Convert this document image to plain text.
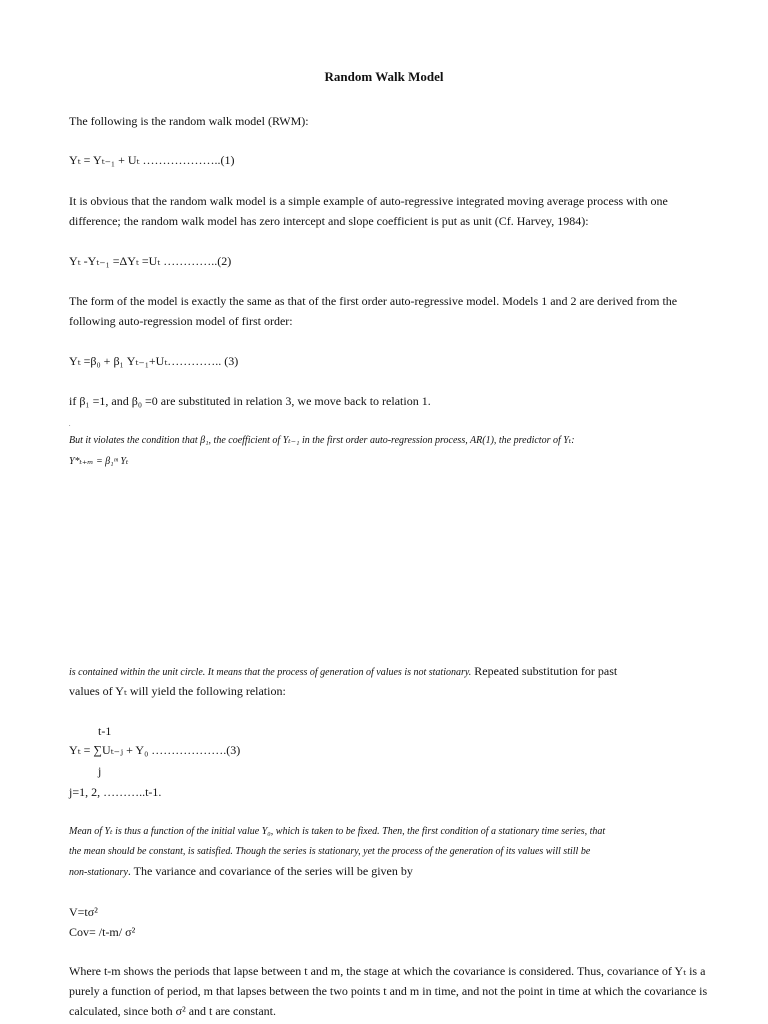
Random Walk Model
The following is the random walk model (RWM):
Yₜ = Yₜ₋₁ + Uₜ ………………..(1)
It is obvious that the random walk model is a simple example of auto-regressive integrated moving average process with one
difference; the random walk model has zero intercept and slope coefficient is put as unit (Cf. Harvey, 1984):
Yₜ -Yₜ₋₁ =ΔYₜ =Uₜ …………..(2)
The form of the model is exactly the same as that of the first order auto-regressive model. Models 1 and 2 are derived from the
following auto-regression model of first order:
Yₜ =β₀ + β₁ Yₜ₋₁+Uₜ………….. (3)
if β₁ =1, and β₀ =0 are substituted in relation 3, we move back to relation 1.
.
But it violates the condition that β₁, the coefficient of Yₜ₋₁ in the first order auto-regression process, AR(1), the predictor of Yₜ:
Y*ₜ₊ₘ = β₁ᵐ Yₜ
is contained within the unit circle. It means that the process of generation of values is not stationary. Repeated substitution for past
values of Yₜ will yield the following relation:
t-1
Yₜ = ∑Uₜ₋ⱼ + Y₀ ……………….(3)
j
j=1, 2, ………..t-1.
Mean of Yₜ is thus a function of the initial value Y₀, which is taken to be fixed. Then, the first condition of a stationary time series, that
the mean should be constant, is satisfied. Though the series is stationary, yet the process of the generation of its values will still be
non-stationary. The variance and covariance of the series will be given by
V=tσ²
Cov= /t-m/ σ²
Where t-m shows the periods that lapse between t and m, the stage at which the covariance is considered. Thus, covariance of Yₜ is a
purely a function of period, m that lapses between the two points t and m in time, and not the point in time at which the covariance is
calculated, since both σ² and t are constant.
